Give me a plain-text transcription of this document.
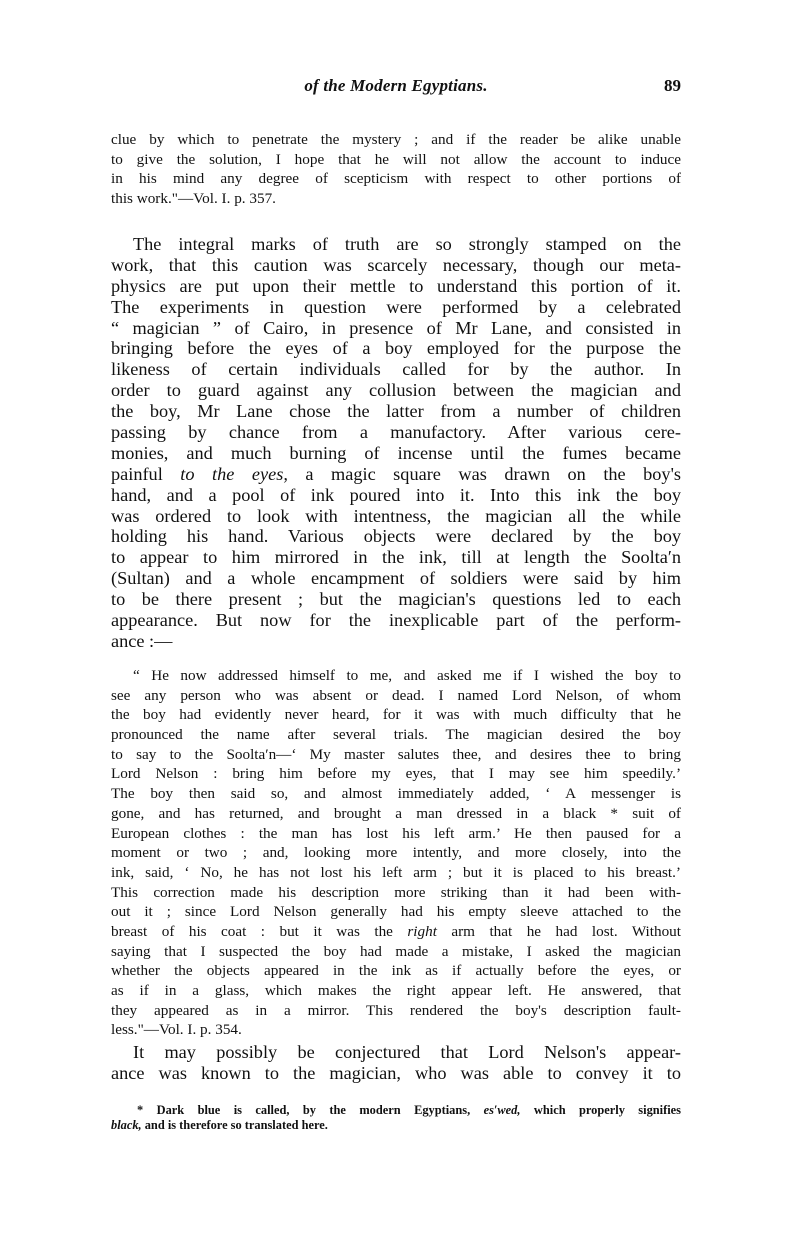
of the Modern Egyptians.	89
clue by which to penetrate the mystery ; and if the reader be alike unable
to give the solution, I hope that he will not allow the account to induce
in his mind any degree of scepticism with respect to other portions of
this work."—Vol. I. p. 357.
The integral marks of truth are so strongly stamped on the
work, that this caution was scarcely necessary, though our meta-
physics are put upon their mettle to understand this portion of it.
The experiments in question were performed by a celebrated
“ magician ” of Cairo, in presence of Mr Lane, and consisted in
bringing before the eyes of a boy employed for the purpose the
likeness of certain individuals called for by the author. In
order to guard against any collusion between the magician and
the boy, Mr Lane chose the latter from a number of children
passing by chance from a manufactory. After various cere-
monies, and much burning of incense until the fumes became
painful to the eyes, a magic square was drawn on the boy's
hand, and a pool of ink poured into it. Into this ink the boy
was ordered to look with intentness, the magician all the while
holding his hand. Various objects were declared by the boy
to appear to him mirrored in the ink, till at length the Soolta′n
(Sultan) and a whole encampment of soldiers were said by him
to be there present ; but the magician's questions led to each
appearance. But now for the inexplicable part of the perform-
ance :—
“ He now addressed himself to me, and asked me if I wished the boy to
see any person who was absent or dead. I named Lord Nelson, of whom
the boy had evidently never heard, for it was with much difficulty that he
pronounced the name after several trials. The magician desired the boy
to say to the Soolta′n—‘ My master salutes thee, and desires thee to bring
Lord Nelson : bring him before my eyes, that I may see him speedily.’
The boy then said so, and almost immediately added, ‘ A messenger is
gone, and has returned, and brought a man dressed in a black * suit of
European clothes : the man has lost his left arm.’ He then paused for a
moment or two ; and, looking more intently, and more closely, into the
ink, said, ‘ No, he has not lost his left arm ; but it is placed to his breast.’
This correction made his description more striking than it had been with-
out it ; since Lord Nelson generally had his empty sleeve attached to the
breast of his coat : but it was the right arm that he had lost. Without
saying that I suspected the boy had made a mistake, I asked the magician
whether the objects appeared in the ink as if actually before the eyes, or
as if in a glass, which makes the right appear left. He answered, that
they appeared as in a mirror. This rendered the boy's description fault-
less."—Vol. I. p. 354.
It may possibly be conjectured that Lord Nelson's appear-
ance was known to the magician, who was able to convey it to
* Dark blue is called, by the modern Egyptians, es′wed, which properly signifies
black, and is therefore so translated here.
